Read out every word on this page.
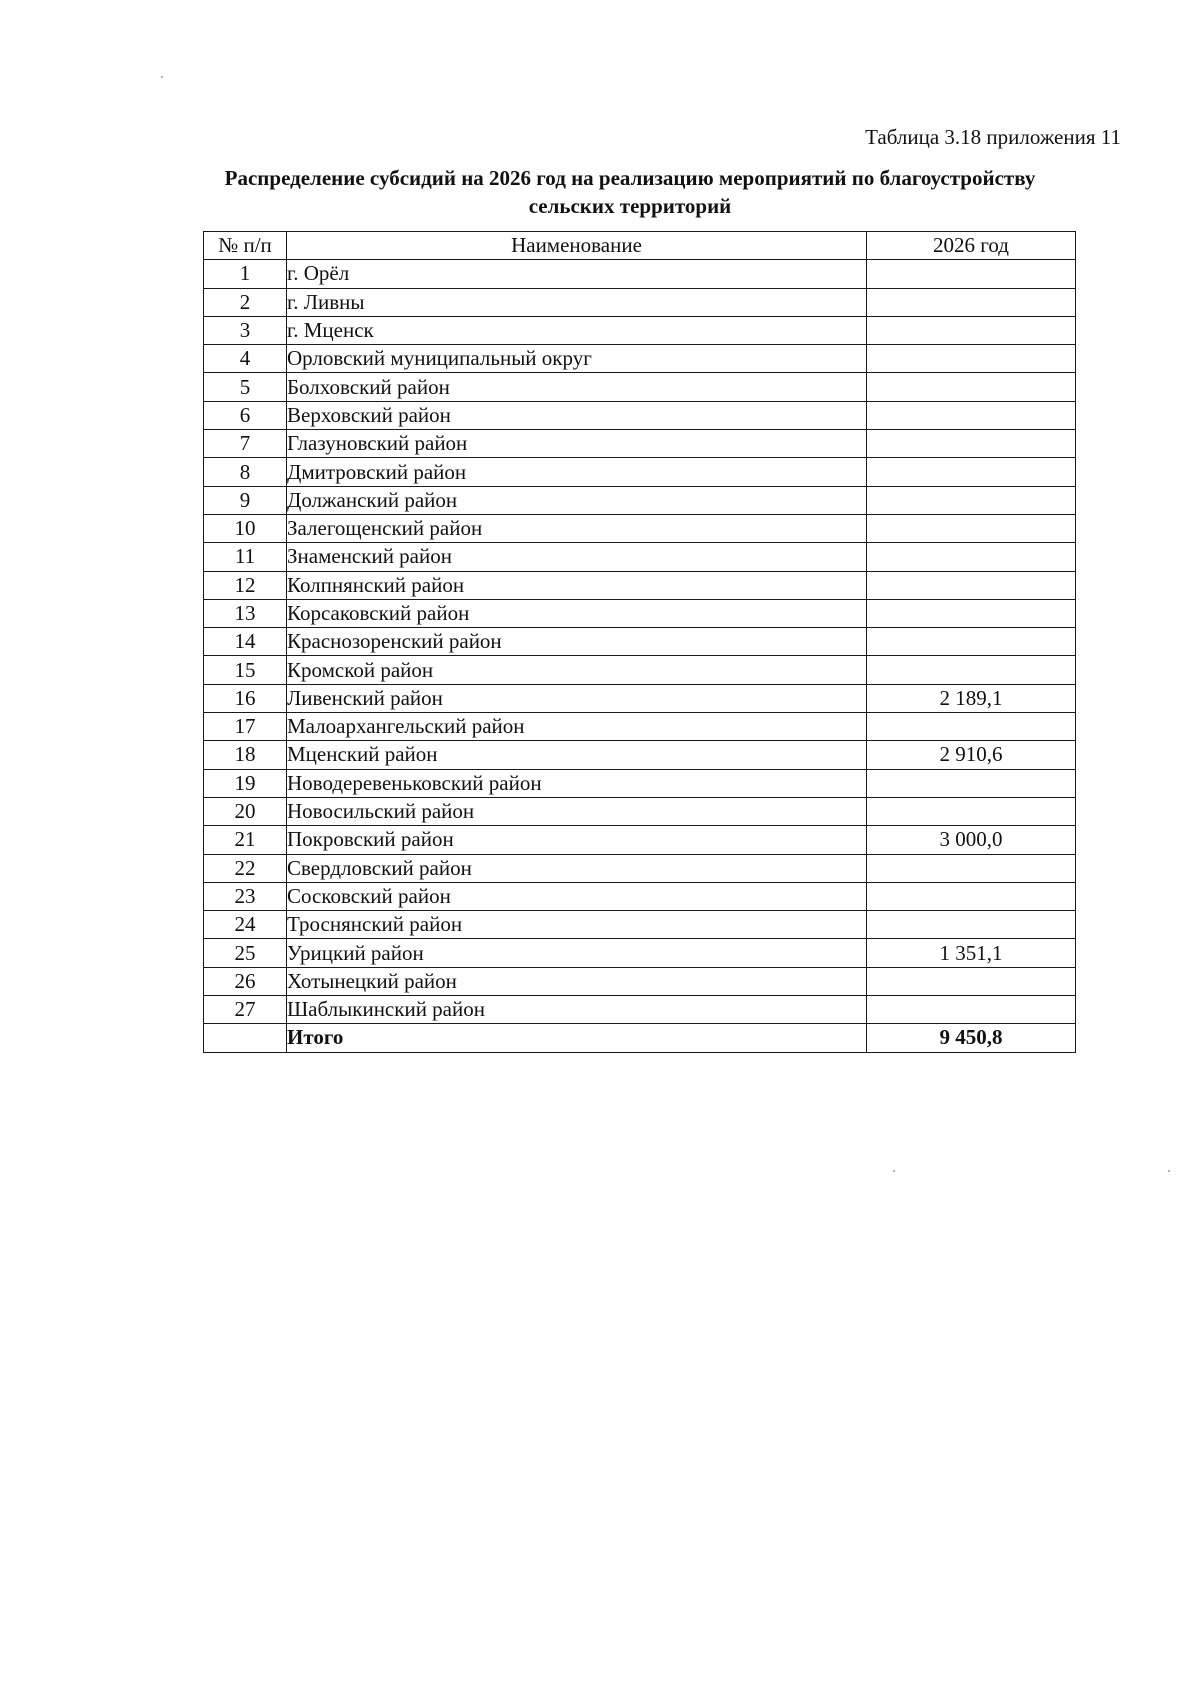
Таблица 3.18 приложения 11
Распределение субсидий на 2026 год на реализацию мероприятий по благоустройству
сельских территорий
№ п/п	Наименование	2026 год
1	г. Орёл	
2	г. Ливны	
3	г. Мценск	
4	Орловский муниципальный округ	
5	Болховский район	
6	Верховский район	
7	Глазуновский район	
8	Дмитровский район	
9	Должанский район	
10	Залегощенский район	
11	Знаменский район	
12	Колпнянский район	
13	Корсаковский район	
14	Краснозоренский район	
15	Кромской район	
16	Ливенский район	2 189,1
17	Малоархангельский район	
18	Мценский район	2 910,6
19	Новодеревеньковский район	
20	Новосильский район	
21	Покровский район	3 000,0
22	Свердловский район	
23	Сосковский район	
24	Троснянский район	
25	Урицкий район	1 351,1
26	Хотынецкий район	
27	Шаблыкинский район	
	Итого	9 450,8
